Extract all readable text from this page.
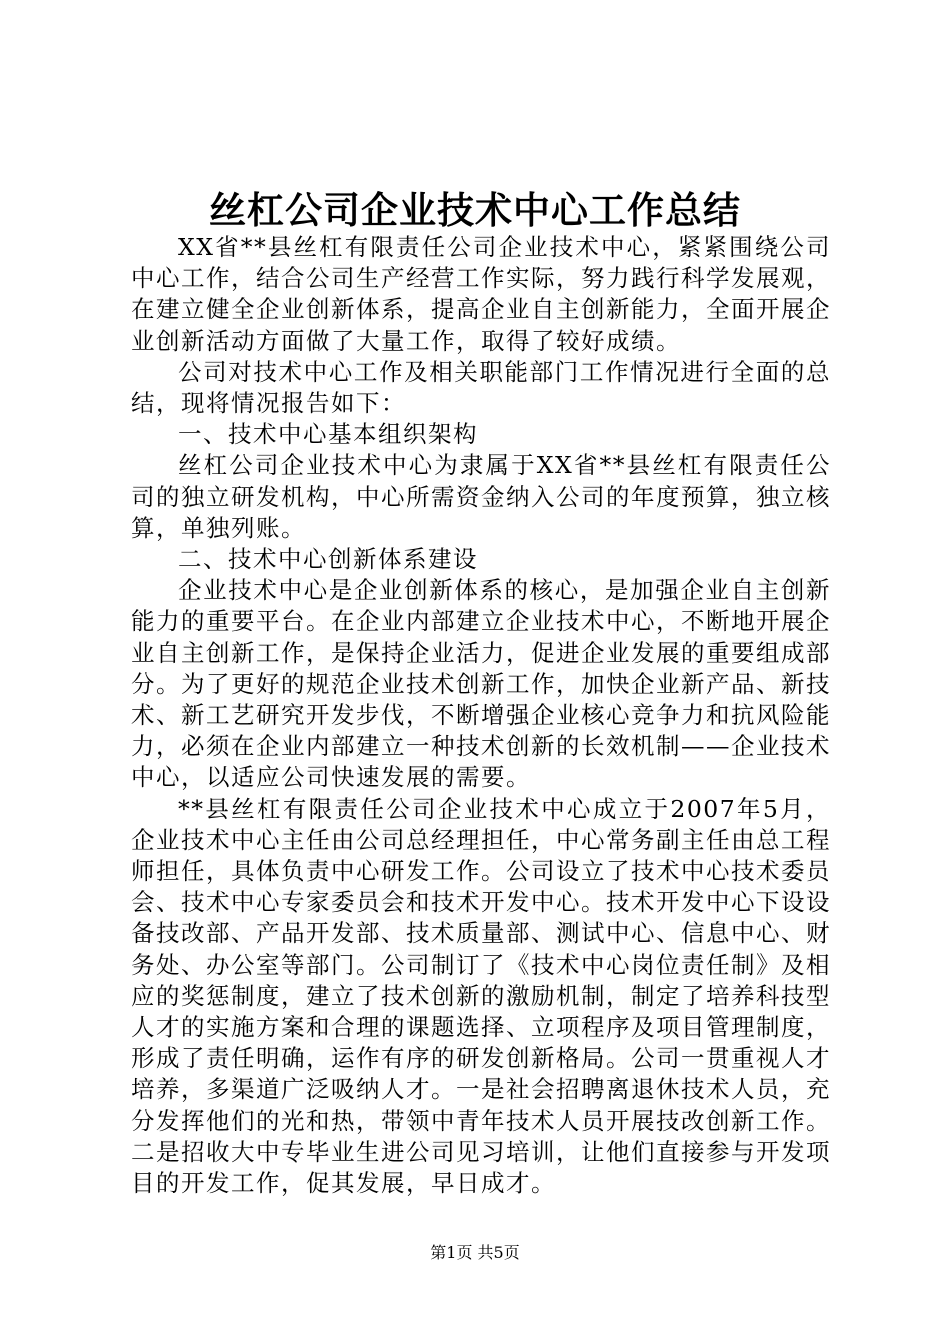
丝杠公司企业技术中心工作总结

XX省**县丝杠有限责任公司企业技术中心，紧紧围绕公司中心工作，结合公司生产经营工作实际，努力践行科学发展观，在建立健全企业创新体系，提高企业自主创新能力，全面开展企业创新活动方面做了大量工作，取得了较好成绩。

公司对技术中心工作及相关职能部门工作情况进行全面的总结，现将情况报告如下：

一、技术中心基本组织架构

丝杠公司企业技术中心为隶属于XX省**县丝杠有限责任公司的独立研发机构，中心所需资金纳入公司的年度预算，独立核算，单独列账。

二、技术中心创新体系建设

企业技术中心是企业创新体系的核心，是加强企业自主创新能力的重要平台。在企业内部建立企业技术中心，不断地开展企业自主创新工作，是保持企业活力，促进企业发展的重要组成部分。为了更好的规范企业技术创新工作，加快企业新产品、新技术、新工艺研究开发步伐，不断增强企业核心竞争力和抗风险能力，必须在企业内部建立一种技术创新的长效机制——企业技术中心，以适应公司快速发展的需要。

**县丝杠有限责任公司企业技术中心成立于2007年5月，企业技术中心主任由公司总经理担任，中心常务副主任由总工程师担任，具体负责中心研发工作。公司设立了技术中心技术委员会、技术中心专家委员会和技术开发中心。技术开发中心下设设备技改部、产品开发部、技术质量部、测试中心、信息中心、财务处、办公室等部门。公司制订了《技术中心岗位责任制》及相应的奖惩制度，建立了技术创新的激励机制，制定了培养科技型人才的实施方案和合理的课题选择、立项程序及项目管理制度，形成了责任明确，运作有序的研发创新格局。公司一贯重视人才培养，多渠道广泛吸纳人才。一是社会招聘离退休技术人员，充分发挥他们的光和热，带领中青年技术人员开展技改创新工作。二是招收大中专毕业生进公司见习培训，让他们直接参与开发项目的开发工作，促其发展，早日成才。

第1页 共5页
